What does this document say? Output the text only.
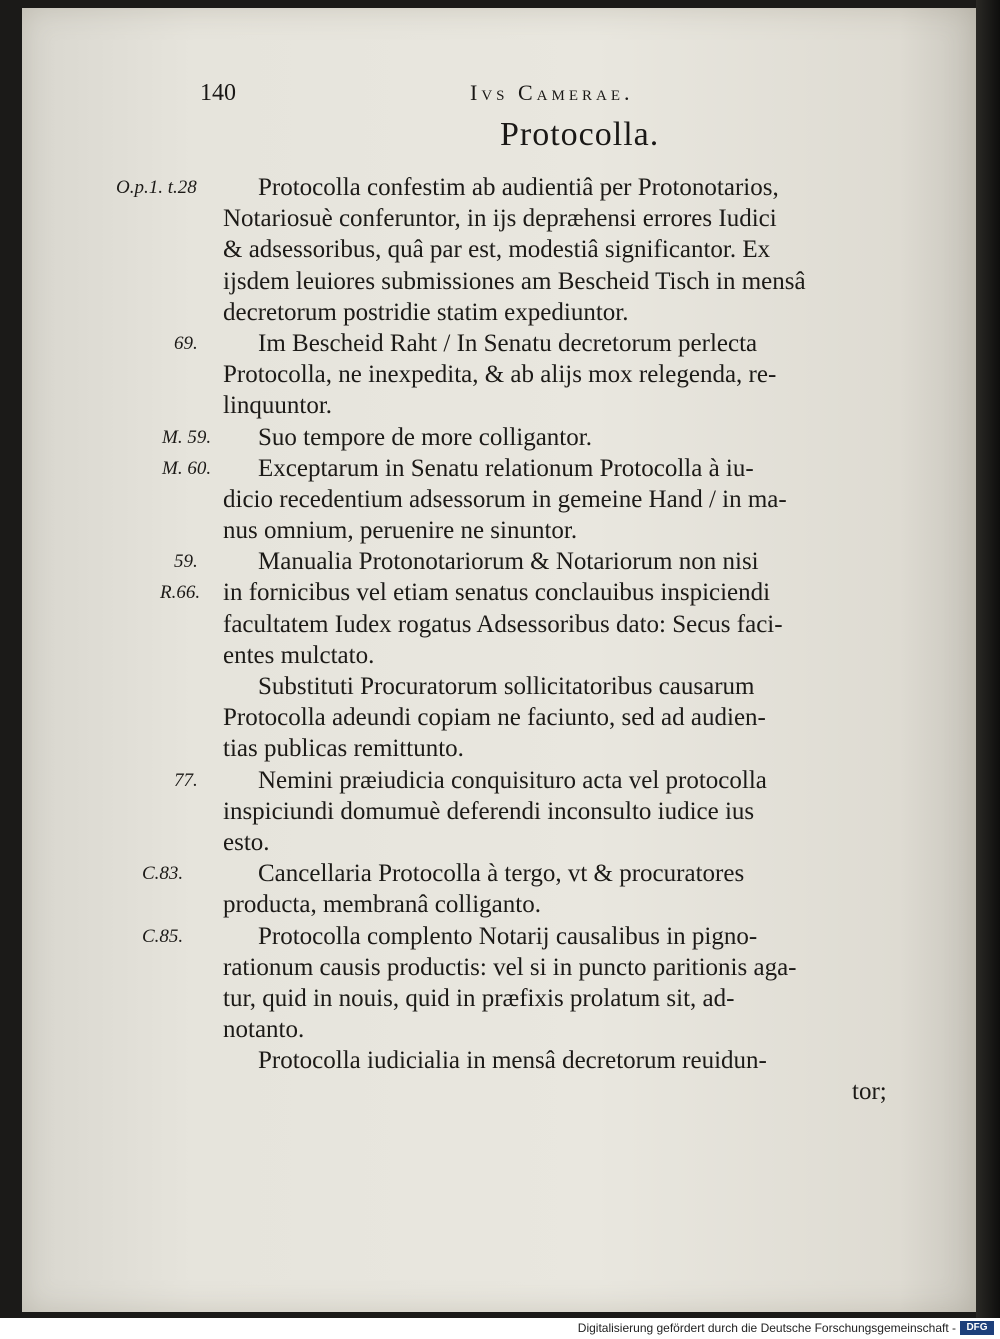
140	Ivs Camerae.
Protocolla.
O.p.1. t.28	Protocolla confestim ab audientiâ per Protonotarios,
Notariosuè conferuntor, in ijs depræhensi errores Iudici
& adsessoribus, quâ par est, modestiâ significantor. Ex
ijsdem leuiores submissiones am Bescheid Tisch in mensâ
decretorum postridie statim expediuntor.
69.	Im Bescheid Raht / In Senatu decretorum perlecta
Protocolla, ne inexpedita, & ab alijs mox relegenda, re-
linquuntor.
M. 59.	Suo tempore de more colligantor.
M. 60.	Exceptarum in Senatu relationum Protocolla à iu-
dicio recedentium adsessorum in gemeine Hand / in ma-
nus omnium, peruenire ne sinuntor.
59.
R.66.
Manualia Protonotariorum & Notariorum non nisi
in fornicibus vel etiam senatus conclauibus inspiciendi
facultatem Iudex rogatus Adsessoribus dato: Secus faci-
entes mulctato.
Substituti Procuratorum sollicitatoribus causarum
Protocolla adeundi copiam ne faciunto, sed ad audien-
tias publicas remittunto.
77.	Nemini præiudicia conquisituro acta vel protocolla
inspiciundi domumuè deferendi inconsulto iudice ius
esto.
C.83.	Cancellaria Protocolla à tergo, vt & procuratores
producta, membranâ colliganto.
C.85.	Protocolla complento Notarij causalibus in pigno-
rationum causis productis: vel si in puncto paritionis aga-
tur, quid in nouis, quid in præfixis prolatum sit, ad-
notanto.
Protocolla iudicialia in mensâ decretorum reuidun-
tor;
Digitalisierung gefördert durch die Deutsche Forschungsgemeinschaft -	DFG
